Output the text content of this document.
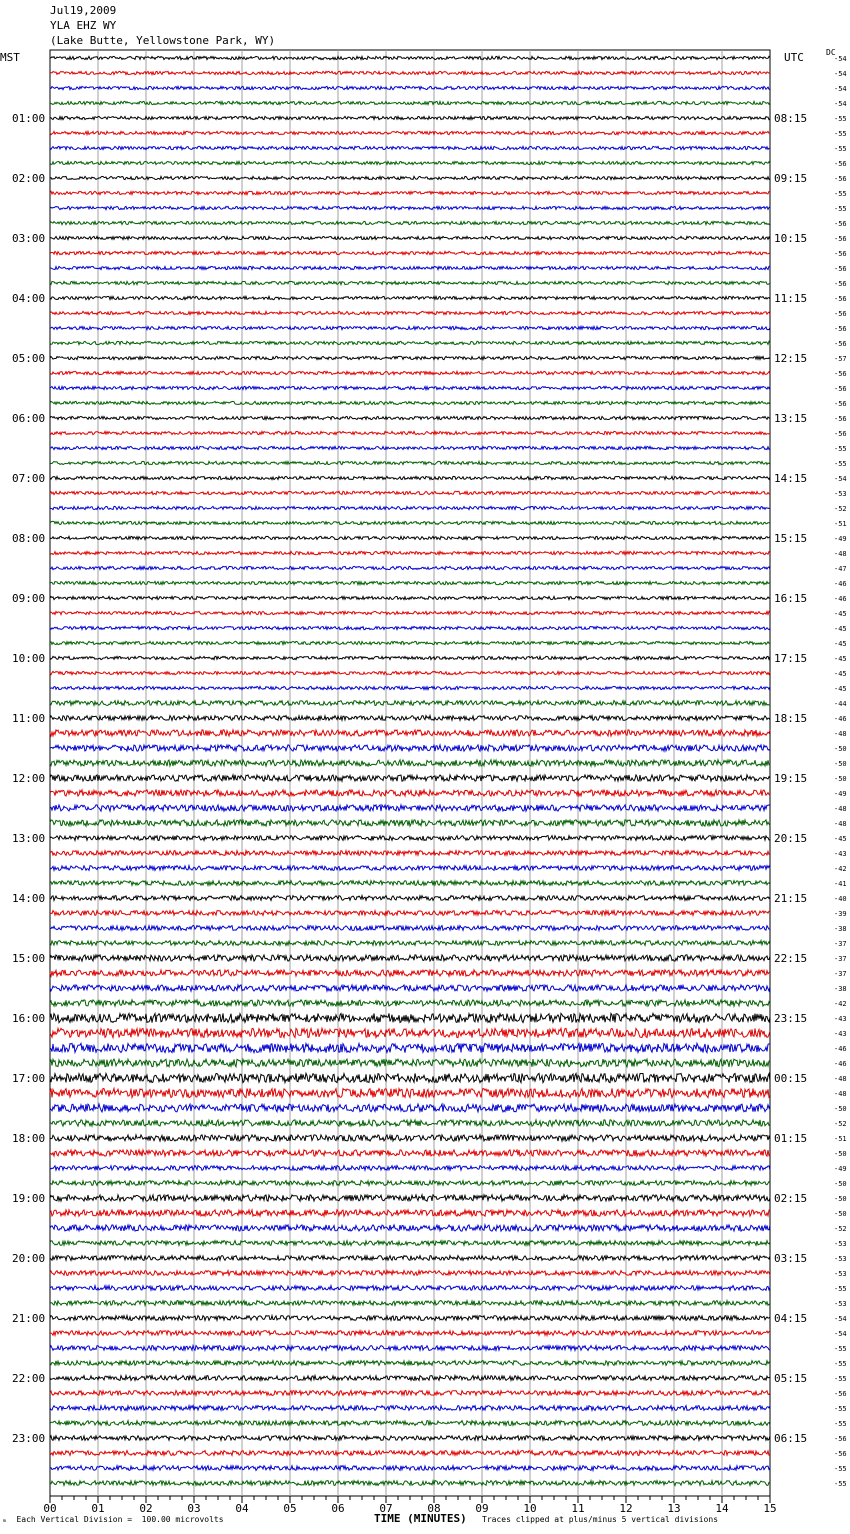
Jul19,2009
YLA EHZ WY
(Lake Butte, Yellowstone Park, WY)
MST	UTC	DC
00	01	02	03	04	05	06	07	08	09	10	11	12	13	14	15
-54
-54
-54
-54
-55
-55
-55
-56
-56
-55
-55
-56
-56
-56
-56
-56
-56
-56
-56
-56
-57
-56
-56
-56
-56
-56
-55
-55
-54
-53
-52
-51
-49
-48
-47
-46
-46
-45
-45
-45
-45
-45
-45
-44
-46
-48
-50
-50
-50
-49
-48
-48
-45
-43
-42
-41
-40
-39
-38
-37
-37
-37
-38
-42
-43
-43
-46
-46
-48
-48
-50
-52
-51
-50
-49
-50
-50
-50
-52
-53
-53
-53
-55
-53
-54
-54
-55
-55
-55
-56
-55
-55
-56
-56
-55
-55
01:00
02:00
03:00
04:00
05:00
06:00
07:00
08:00
09:00
10:00
11:00
12:00
13:00
14:00
15:00
16:00
17:00
18:00
19:00
20:00
21:00
22:00
23:00
08:15
09:15
10:15
11:15
12:15
13:15
14:15
15:15
16:15
17:15
18:15
19:15
20:15
21:15
22:15
23:15
00:15
01:15
02:15
03:15
04:15
05:15
06:15
ₘ  Each Vertical Division =  100.00 microvolts	TIME (MINUTES) Traces clipped at plus/minus 5 vertical divisions
